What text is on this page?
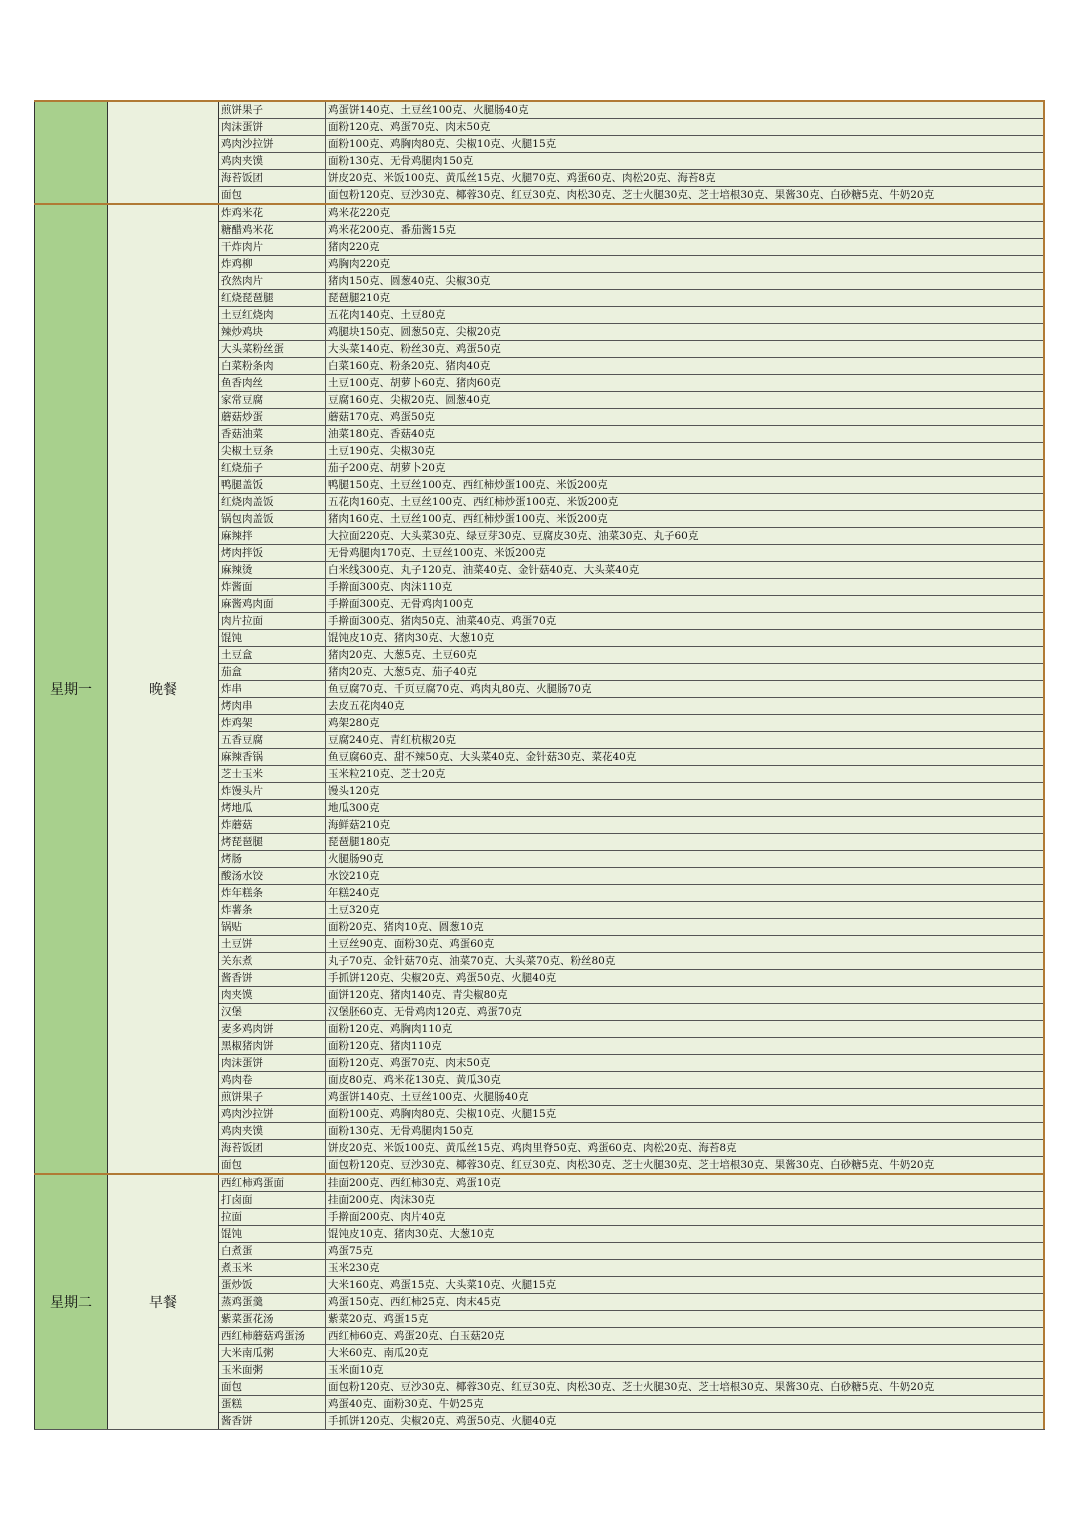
煎饼果子	鸡蛋饼140克、土豆丝100克、火腿肠40克
肉沫蛋饼	面粉120克、鸡蛋70克、肉末50克
鸡肉沙拉饼	面粉100克、鸡胸肉80克、尖椒10克、火腿15克
鸡肉夹馍	面粉130克、无骨鸡腿肉150克
海苔饭团	饼皮20克、米饭100克、黄瓜丝15克、火腿70克、鸡蛋60克、肉松20克、海苔8克
面包	面包粉120克、豆沙30克、椰蓉30克、红豆30克、肉松30克、芝士火腿30克、芝士培根30克、果酱30克、白砂糖5克、牛奶20克
星期一	晚餐
炸鸡米花	鸡米花220克
糖醋鸡米花	鸡米花200克、番茄酱15克
干炸肉片	猪肉220克
炸鸡柳	鸡胸肉220克
孜然肉片	猪肉150克、圆葱40克、尖椒30克
红烧琵琶腿	琵琶腿210克
土豆红烧肉	五花肉140克、土豆80克
辣炒鸡块	鸡腿块150克、圆葱50克、尖椒20克
大头菜粉丝蛋	大头菜140克、粉丝30克、鸡蛋50克
白菜粉条肉	白菜160克、粉条20克、猪肉40克
鱼香肉丝	土豆100克、胡萝卜60克、猪肉60克
家常豆腐	豆腐160克、尖椒20克、圆葱40克
蘑菇炒蛋	蘑菇170克、鸡蛋50克
香菇油菜	油菜180克、香菇40克
尖椒土豆条	土豆190克、尖椒30克
红烧茄子	茄子200克、胡萝卜20克
鸭腿盖饭	鸭腿150克、土豆丝100克、西红柿炒蛋100克、米饭200克
红烧肉盖饭	五花肉160克、土豆丝100克、西红柿炒蛋100克、米饭200克
锅包肉盖饭	猪肉160克、土豆丝100克、西红柿炒蛋100克、米饭200克
麻辣拌	大拉面220克、大头菜30克、绿豆芽30克、豆腐皮30克、油菜30克、丸子60克
烤肉拌饭	无骨鸡腿肉170克、土豆丝100克、米饭200克
麻辣烫	白米线300克、丸子120克、油菜40克、金针菇40克、大头菜40克
炸酱面	手擀面300克、肉沫110克
麻酱鸡肉面	手擀面300克、无骨鸡肉100克
肉片拉面	手擀面300克、猪肉50克、油菜40克、鸡蛋70克
馄饨	馄饨皮10克、猪肉30克、大葱10克
土豆盒	猪肉20克、大葱5克、土豆60克
茄盒	猪肉20克、大葱5克、茄子40克
炸串	鱼豆腐70克、千页豆腐70克、鸡肉丸80克、火腿肠70克
烤肉串	去皮五花肉40克
炸鸡架	鸡架280克
五香豆腐	豆腐240克、青红杭椒20克
麻辣香锅	鱼豆腐60克、甜不辣50克、大头菜40克、金针菇30克、菜花40克
芝士玉米	玉米粒210克、芝士20克
炸馒头片	馒头120克
烤地瓜	地瓜300克
炸蘑菇	海鲜菇210克
烤琵琶腿	琵琶腿180克
烤肠	火腿肠90克
酸汤水饺	水饺210克
炸年糕条	年糕240克
炸薯条	土豆320克
锅贴	面粉20克、猪肉10克、圆葱10克
土豆饼	土豆丝90克、面粉30克、鸡蛋60克
关东煮	丸子70克、金针菇70克、油菜70克、大头菜70克、粉丝80克
酱香饼	手抓饼120克、尖椒20克、鸡蛋50克、火腿40克
肉夹馍	面饼120克、猪肉140克、青尖椒80克
汉堡	汉堡胚60克、无骨鸡肉120克、鸡蛋70克
麦多鸡肉饼	面粉120克、鸡胸肉110克
黑椒猪肉饼	面粉120克、猪肉110克
肉沫蛋饼	面粉120克、鸡蛋70克、肉末50克
鸡肉卷	面皮80克、鸡米花130克、黄瓜30克
煎饼果子	鸡蛋饼140克、土豆丝100克、火腿肠40克
鸡肉沙拉饼	面粉100克、鸡胸肉80克、尖椒10克、火腿15克
鸡肉夹馍	面粉130克、无骨鸡腿肉150克
海苔饭团	饼皮20克、米饭100克、黄瓜丝15克、鸡肉里脊50克、鸡蛋60克、肉松20克、海苔8克
面包	面包粉120克、豆沙30克、椰蓉30克、红豆30克、肉松30克、芝士火腿30克、芝士培根30克、果酱30克、白砂糖5克、牛奶20克
星期二	早餐
西红柿鸡蛋面	挂面200克、西红柿30克、鸡蛋10克
打卤面	挂面200克、肉沫30克
拉面	手擀面200克、肉片40克
馄饨	馄饨皮10克、猪肉30克、大葱10克
白煮蛋	鸡蛋75克
煮玉米	玉米230克
蛋炒饭	大米160克、鸡蛋15克、大头菜10克、火腿15克
蒸鸡蛋羹	鸡蛋150克、西红柿25克、肉末45克
紫菜蛋花汤	紫菜20克、鸡蛋15克
西红柿蘑菇鸡蛋汤	西红柿60克、鸡蛋20克、白玉菇20克
大米南瓜粥	大米60克、南瓜20克
玉米面粥	玉米面10克
面包	面包粉120克、豆沙30克、椰蓉30克、红豆30克、肉松30克、芝士火腿30克、芝士培根30克、果酱30克、白砂糖5克、牛奶20克
蛋糕	鸡蛋40克、面粉30克、牛奶25克
酱香饼	手抓饼120克、尖椒20克、鸡蛋50克、火腿40克
